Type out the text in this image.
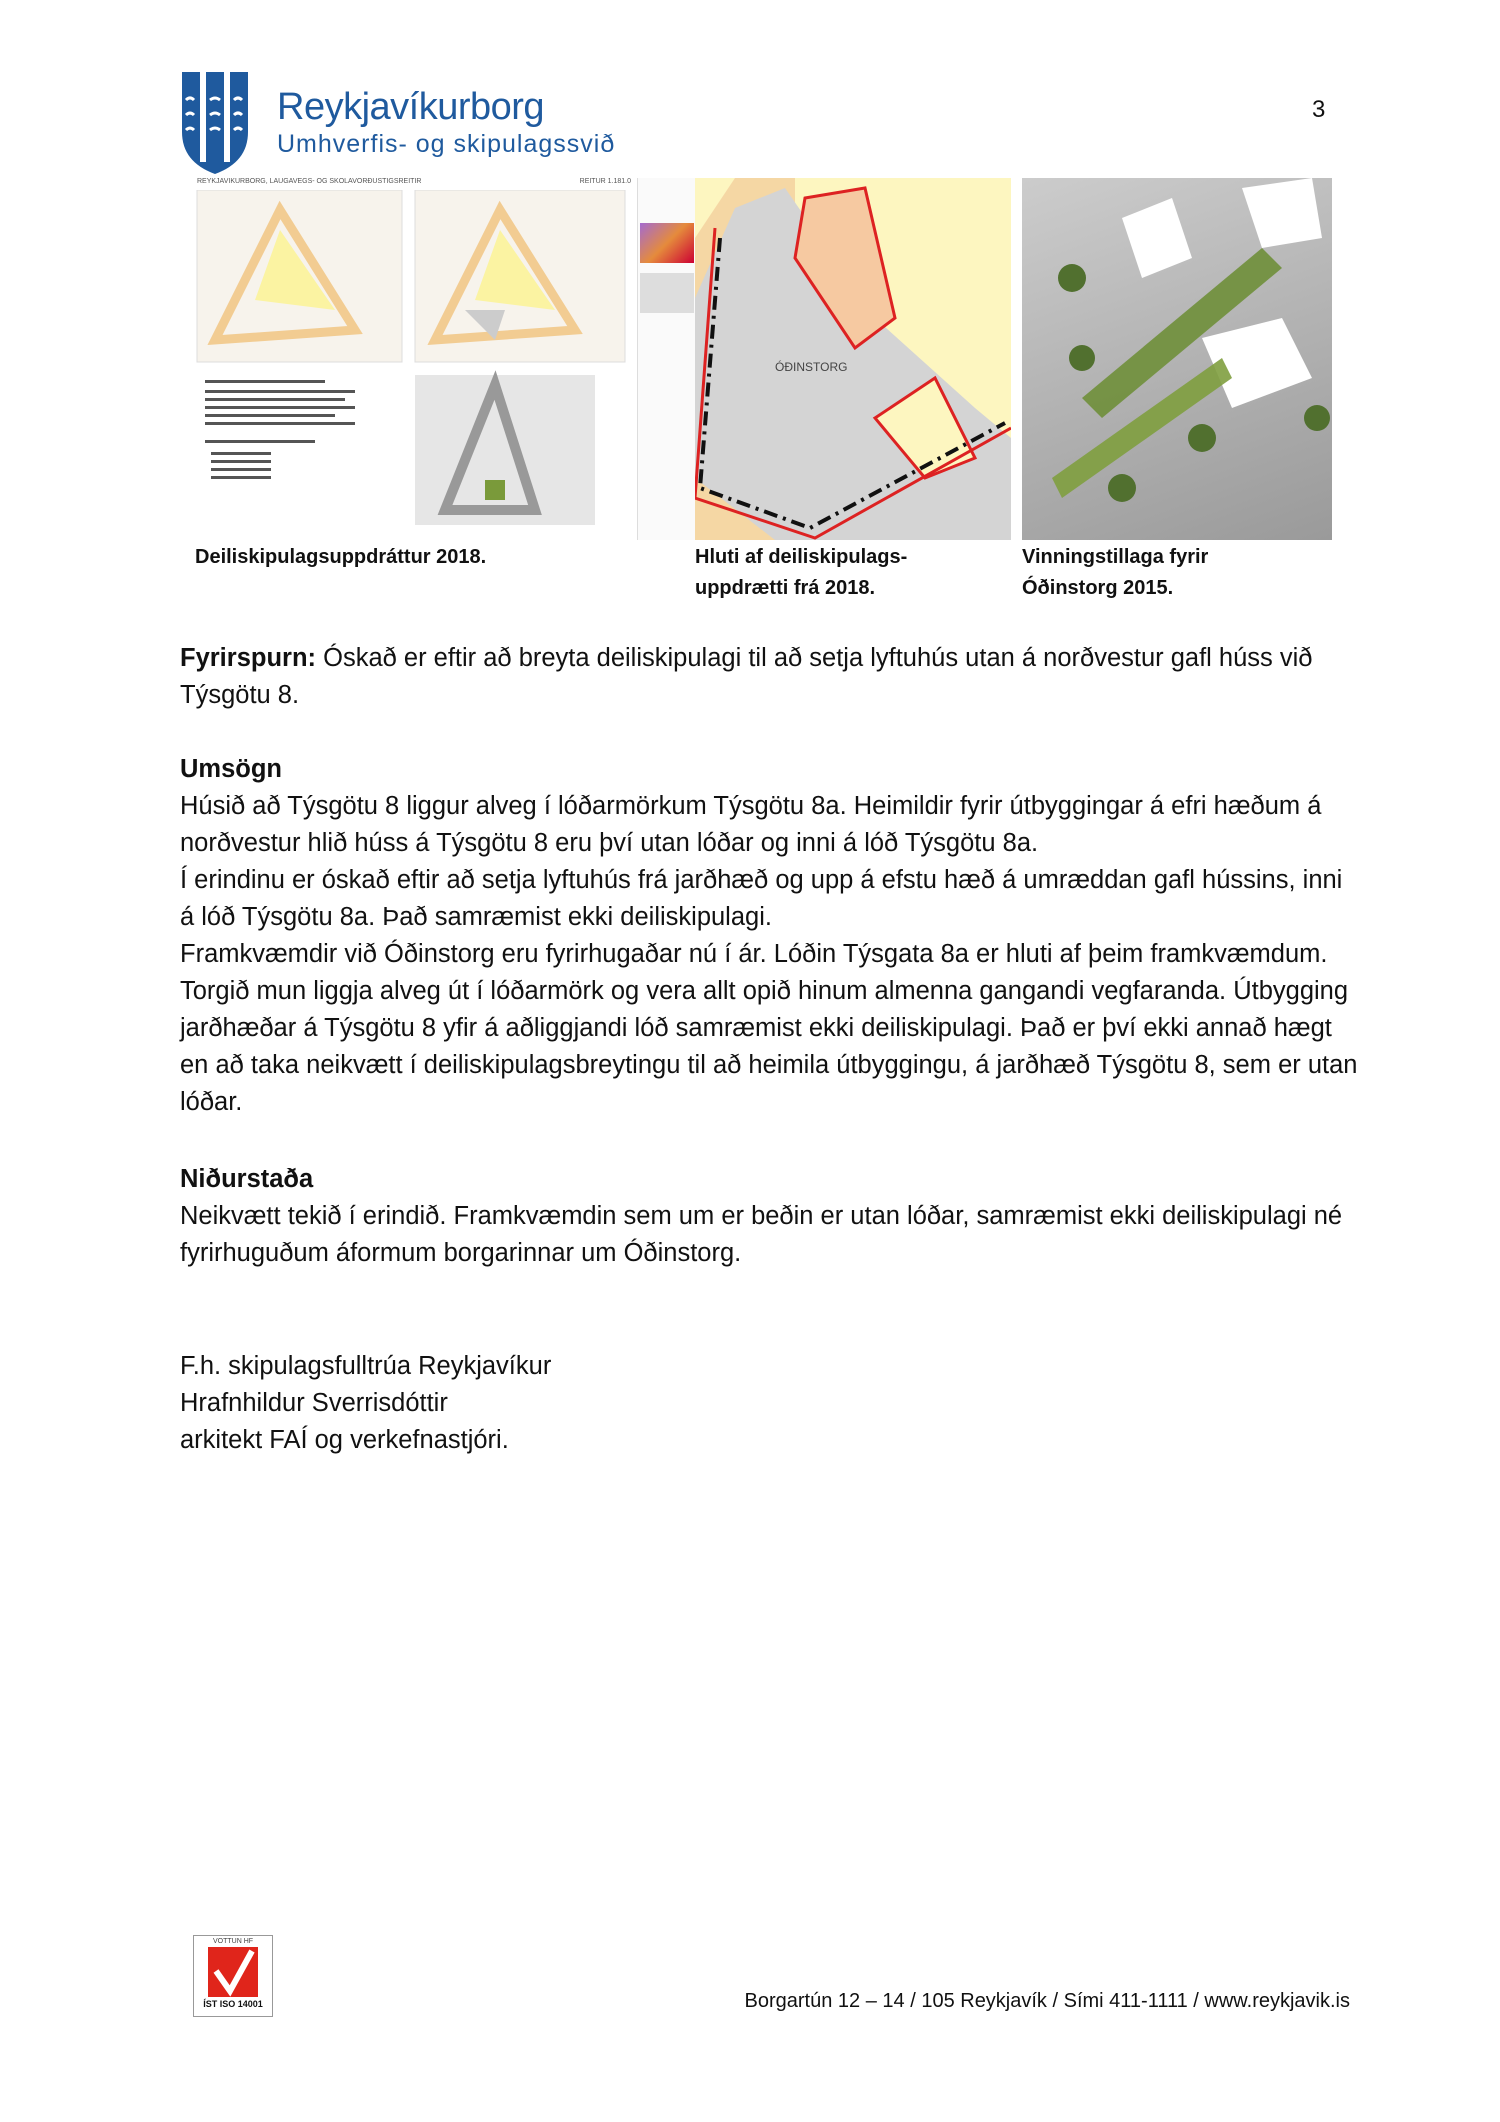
Reykjavíkurborg
Umhverfis- og skipulagssvið
3
REYKJAVÍKURBORG, LAUGAVEGS- OG SKÓLAVÖRÐUSTÍGSREITIR	REITUR 1.181.0
ÓÐINSTORG
Deiliskipulagsuppdráttur 2018.	Hluti af deiliskipulags- uppdrætti frá 2018.
Vinningstillaga fyrir Óðinstorg 2015.

Fyrirspurn: Óskað er eftir að breyta deiliskipulagi til að setja lyftuhús utan á norðvestur gafl húss við Týsgötu 8.

Umsögn

Húsið að Týsgötu 8 liggur alveg í lóðarmörkum Týsgötu 8a. Heimildir fyrir útbyggingar á efri hæðum á norðvestur hlið húss á Týsgötu 8 eru því utan lóðar og inni á lóð Týsgötu 8a.

Í erindinu er óskað eftir að setja lyftuhús frá jarðhæð og upp á efstu hæð á umræddan gafl hússins, inni á lóð Týsgötu 8a. Það samræmist ekki deiliskipulagi.

Framkvæmdir við Óðinstorg eru fyrirhugaðar nú í ár. Lóðin Týsgata 8a er hluti af þeim framkvæmdum. Torgið mun liggja alveg út í lóðarmörk og vera allt opið hinum almenna gangandi vegfaranda. Útbygging jarðhæðar á Týsgötu 8 yfir á aðliggjandi lóð samræmist ekki deiliskipulagi. Það er því ekki annað hægt en að taka neikvætt í deiliskipulagsbreytingu til að heimila útbyggingu, á jarðhæð Týsgötu 8, sem er utan lóðar.

Niðurstaða

Neikvætt tekið í erindið. Framkvæmdin sem um er beðin er utan lóðar, samræmist ekki deiliskipulagi né fyrirhuguðum áformum borgarinnar um Óðinstorg.

F.h. skipulagsfulltrúa Reykjavíkur

Hrafnhildur Sverrisdóttir

arkitekt FAÍ og verkefnastjóri.

VOTTUN HF
ÍST ISO 14001	Borgartún 12 – 14 / 105 Reykjavík / Sími 411-1111 / www.reykjavik.is
